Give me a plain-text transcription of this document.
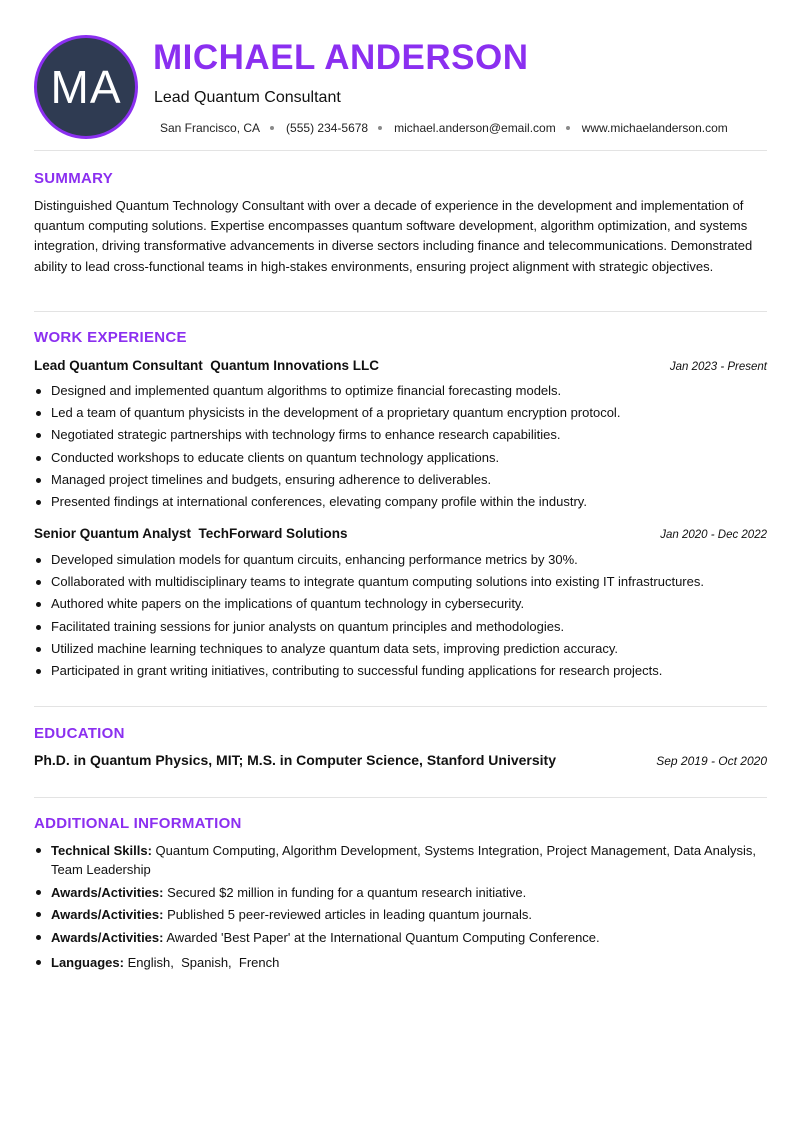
MA
MICHAEL ANDERSON
Lead Quantum Consultant
San Francisco, CA (555) 234-5678 michael.anderson@email.com www.michaelanderson.com
SUMMARY

Distinguished Quantum Technology Consultant with over a decade of experience in the development and implementation of quantum computing solutions. Expertise encompasses quantum software development, algorithm optimization, and systems integration, driving transformative advancements in diverse sectors including finance and telecommunications. Demonstrated ability to lead cross-functional teams in high-stakes environments, ensuring project alignment with strategic objectives.

WORK EXPERIENCE
Lead Quantum Consultant Quantum Innovations LLC	Jan 2023 - Present
Designed and implemented quantum algorithms to optimize financial forecasting models.
Led a team of quantum physicists in the development of a proprietary quantum encryption protocol.
Negotiated strategic partnerships with technology firms to enhance research capabilities.
Conducted workshops to educate clients on quantum technology applications.
Managed project timelines and budgets, ensuring adherence to deliverables.
Presented findings at international conferences, elevating company profile within the industry.
Senior Quantum Analyst TechForward Solutions	Jan 2020 - Dec 2022
Developed simulation models for quantum circuits, enhancing performance metrics by 30%.
Collaborated with multidisciplinary teams to integrate quantum computing solutions into existing IT infrastructures.
Authored white papers on the implications of quantum technology in cybersecurity.
Facilitated training sessions for junior analysts on quantum principles and methodologies.
Utilized machine learning techniques to analyze quantum data sets, improving prediction accuracy.
Participated in grant writing initiatives, contributing to successful funding applications for research projects.
EDUCATION
Ph.D. in Quantum Physics, MIT; M.S. in Computer Science, Stanford University	Sep 2019 - Oct 2020
ADDITIONAL INFORMATION
Technical Skills: Quantum Computing, Algorithm Development, Systems Integration, Project Management, Data Analysis, Team Leadership
Awards/Activities: Secured $2 million in funding for a quantum research initiative.
Awards/Activities: Published 5 peer-reviewed articles in leading quantum journals.
Awards/Activities: Awarded 'Best Paper' at the International Quantum Computing Conference.
Languages: English,  Spanish,  French
